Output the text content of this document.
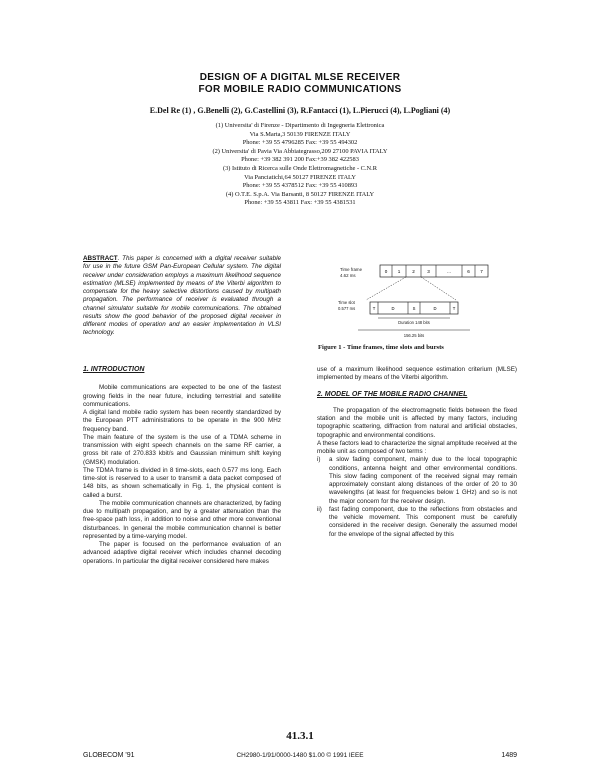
DESIGN OF A DIGITAL MLSE RECEIVER
FOR MOBILE RADIO COMMUNICATIONS
E.Del Re (1) , G.Benelli (2), G.Castellini (3), R.Fantacci (1), L.Pierucci (4), L.Pogliani (4)
(1) Universita' di Firenze - Dipartimento di Ingegneria Elettronica
Via S.Marta,3 50139 FIRENZE ITALY
Phone: +39 55 4796285 Fax: +39 55 494302
(2) Universita' di Pavia Via Abbiategrasso,209 27100 PAVIA ITALY
Phone: +39 382 391 200 Fax:+39 382 422583
(3) Istituto di Ricerca sulle Onde Elettromagnetiche - C.N.R
Via Panciatichi,64 50127 FIRENZE ITALY
Phone: +39 55 4378512 Fax: +39 55 410893
(4) O.T.E. S.p.A. Via Barsanti, 8 50127 FIRENZE ITALY
Phone: +39 55 43811 Fax: +39 55 4381531
ABSTRACT. This paper is concerned with a digital receiver suitable for use in the future GSM Pan-European Cellular system. The digital receiver under consideration employs a maximum likelihood sequence estimation (MLSE) implemented by means of the Viterbi algorithm to compensate for the heavy selective distortions caused by multipath propagation. The performance of receiver is evaluated through a channel simulator suitable for mobile communications. The obtained results show the good behavior of the proposed digital receiver in different modes of operation and an easier implementation in VLSI technology.
Time frame
4.62 ms
0 1	2	3	...	6 7
Time slot
0.577 ms	T	D	S	D	T
Duration 148 bits
156.25 bits
Figure 1 - Time frames, time slots and bursts
1. INTRODUCTION

Mobile communications are expected to be one of the fastest growing fields in the near future, including terrestrial and satellite communications.

A digital land mobile radio system has been recently standardized by the European PTT administrations to be operate in the 900 MHz frequency band.

The main feature of the system is the use of a TDMA scheme in transmission with eight speech channels on the same RF carrier, a gross bit rate of 270.833 kbit/s and Gaussian minimum shift keying (GMSK) modulation.

The TDMA frame is divided in 8 time-slots, each 0.577 ms long. Each time-slot is reserved to a user to transmit a data packet composed of 148 bits, as shown schematically in Fig. 1, the physical content is called a burst.

The mobile communication channels are characterized, by fading due to multipath propagation, and by a greater attenuation than the free-space path loss, in addition to noise and other more conventional disturbances. In general the mobile communication channel is better represented by a time-varying model.

The paper is focused on the performance evaluation of an advanced adaptive digital receiver which includes channel decoding operations. In particular the digital receiver considered here makes

use of a maximum likelihood sequence estimation criterium (MLSE) implemented by means of the Viterbi algorithm.

2. MODEL OF THE MOBILE RADIO CHANNEL

The propagation of the electromagnetic fields between the fixed station and the mobile unit is affected by many factors, including topographic scattering, diffraction from natural and artificial obstacles, topographic and environmental conditions.

A these factors lead to characterize the signal amplitude received at the mobile unit as composed of two terms :

i)	a slow fading component, mainly due to the local topographic conditions, antenna height and other environmental conditions. This slow fading component of the received signal may remain approximately constant along distances of the order of 20 to 30 wavelengths (at least for frequencies below 1 GHz) and so is not the major concern for the receiver design.
ii)	fast fading component, due to the reflections from obstacles and the vehicle movement. This component must be carefully considered in the receiver design. Generally the assumed model for the envelope of the signal affected by this
41.3.1
GLOBECOM '91	CH2980-1/91/0000-1480 $1.00 © 1991 IEEE	1489
